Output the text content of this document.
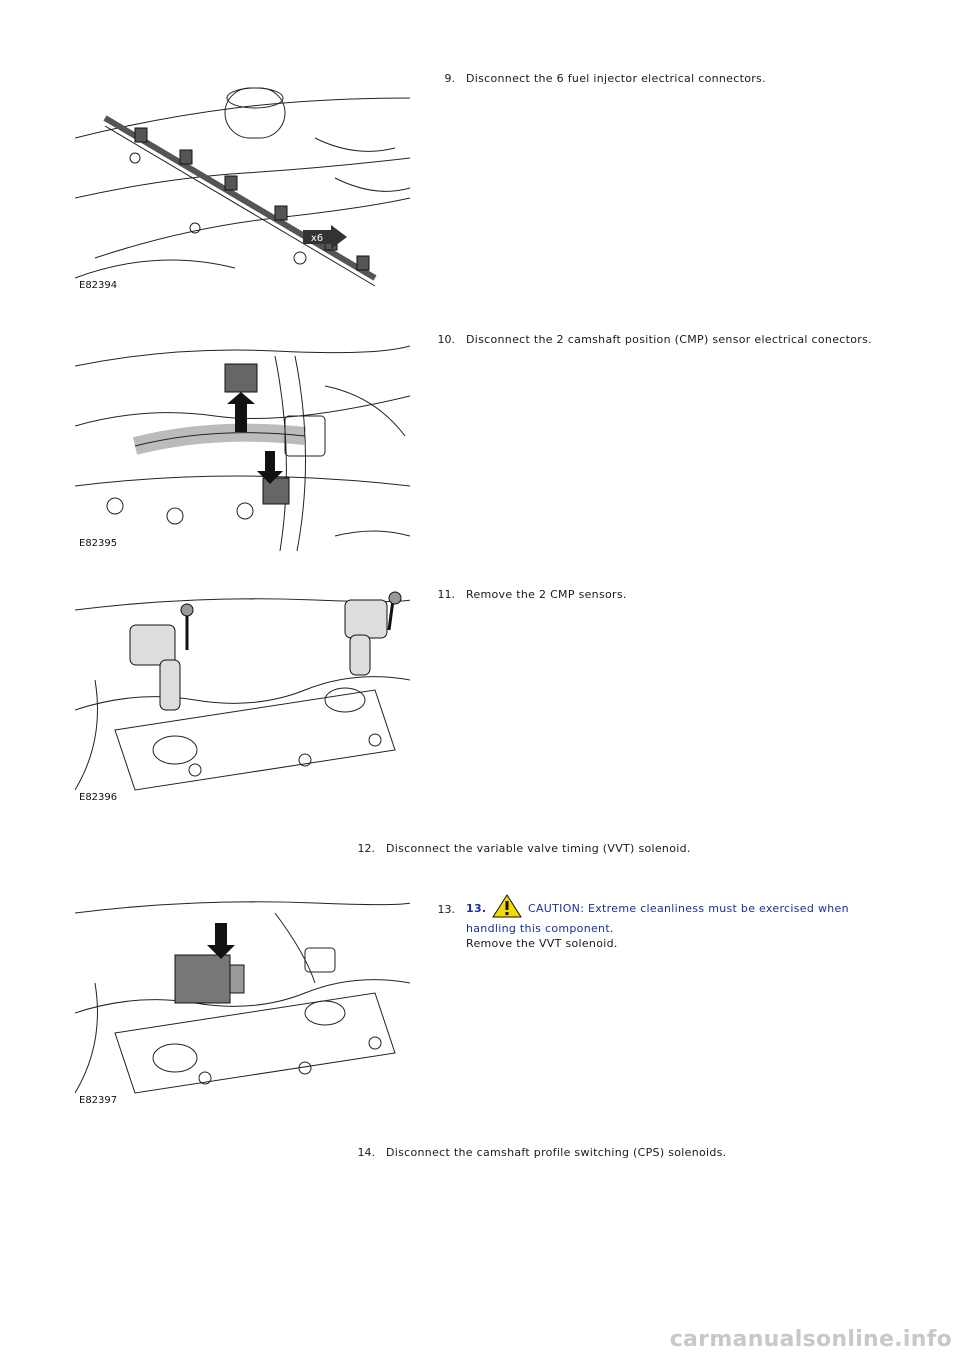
9. Disconnect the 6 fuel injector electrical connectors.
x6
E82394
10. Disconnect the 2 camshaft position (CMP) sensor electrical conectors.
E82395
11. Remove the 2 CMP sensors.
E82396
12. Disconnect the variable valve timing (VVT) solenoid.
13. 13.	CAUTION: Extreme cleanliness must be exercised when handling this component.
Remove the VVT solenoid.
E82397
14. Disconnect the camshaft profile switching (CPS) solenoids.
carmanualsonline.info
